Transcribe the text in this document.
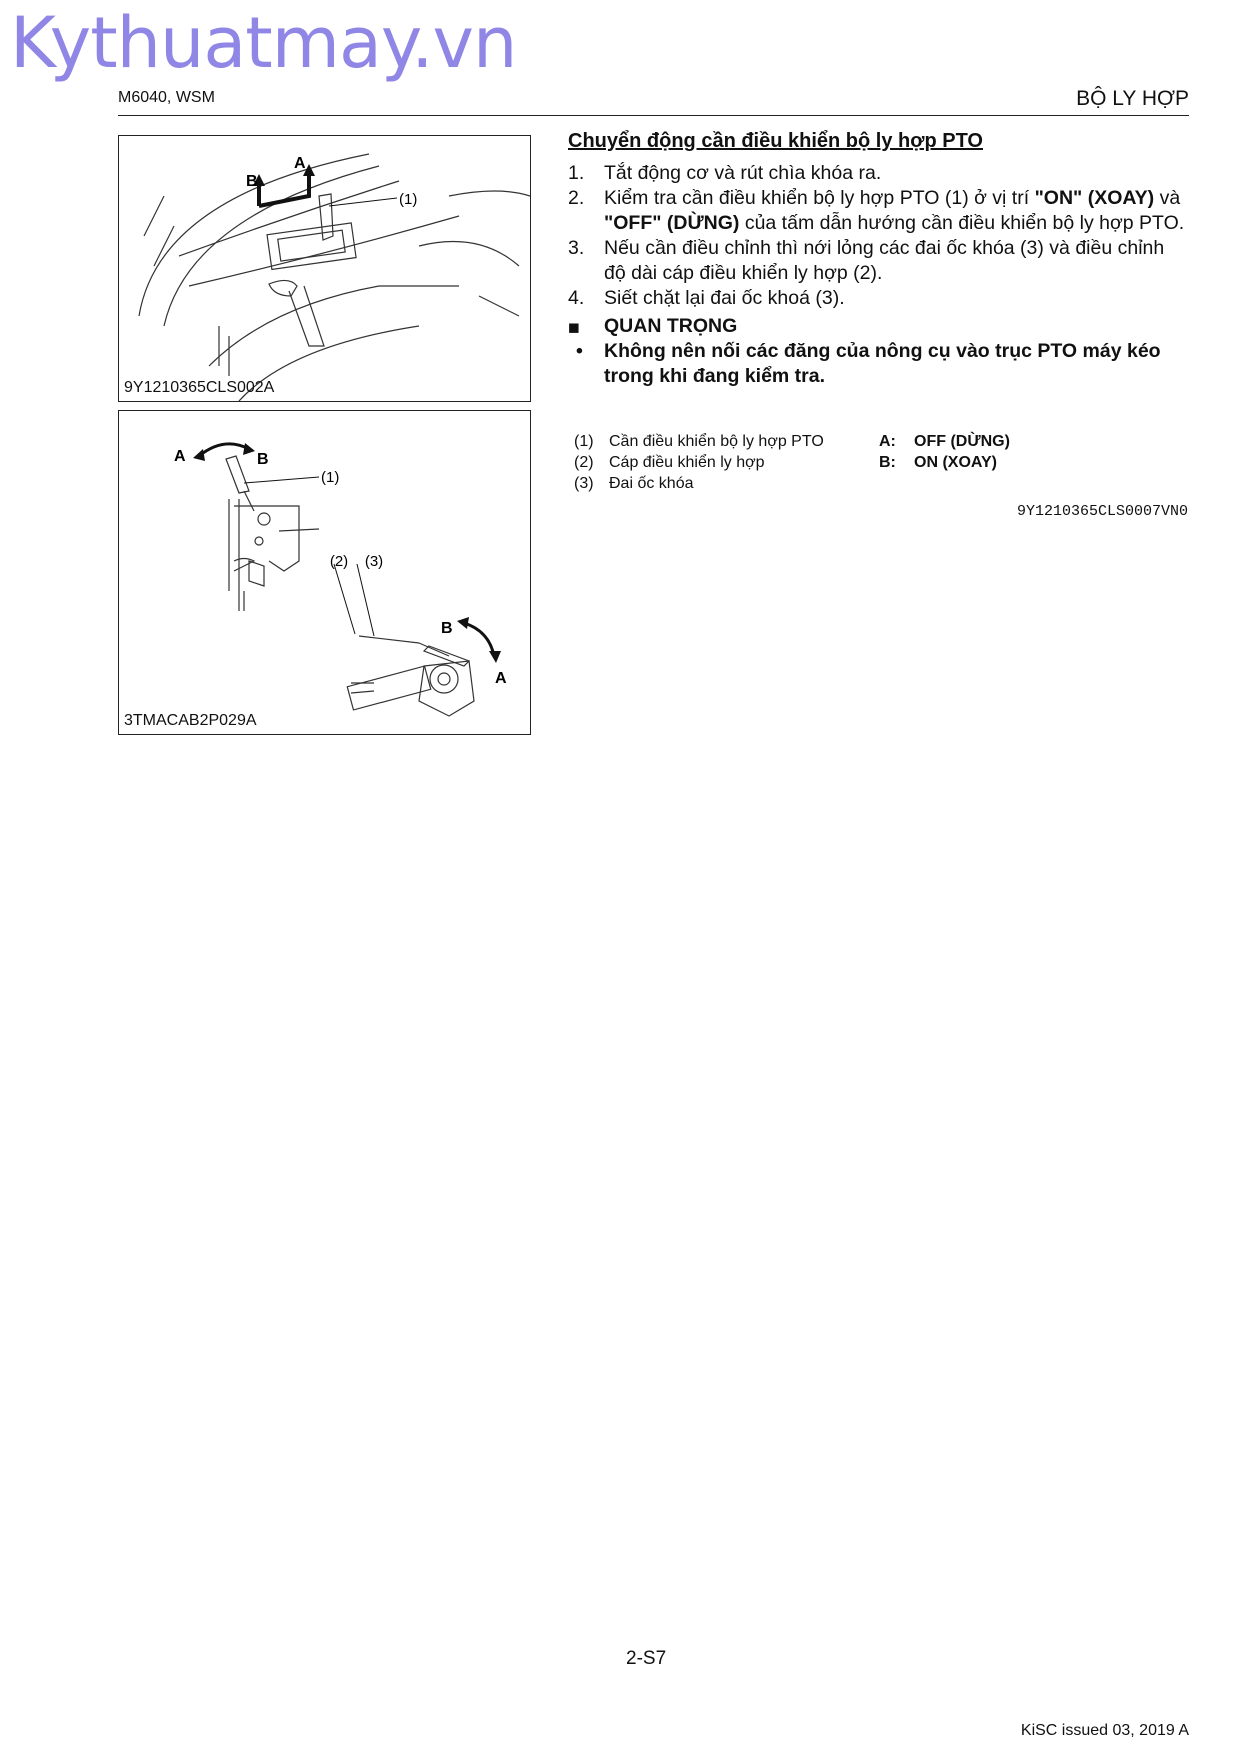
Kythuatmay.vn
M6040, WSM	BỘ LY HỢP
A
B
(1)
9Y1210365CLS002A
A	B
(1)
(2) (3)
B
A
3TMACAB2P029A
Chuyển động cần điều khiển bộ ly hợp PTO
1. Tắt động cơ và rút chìa khóa ra.
2. Kiểm tra cần điều khiển bộ ly hợp PTO (1) ở vị trí "ON" (XOAY) và "OFF" (DỪNG) của tấm dẫn hướng cần điều khiển bộ ly hợp PTO.
3. Nếu cần điều chỉnh thì nới lỏng các đai ốc khóa (3) và điều chỉnh độ dài cáp điều khiển ly hợp (2).
4. Siết chặt lại đai ốc khoá (3).
■ QUAN TRỌNG
• Không nên nối các đăng của nông cụ vào trục PTO máy kéo trong khi đang kiểm tra.
(1) Cần điều khiển bộ ly hợp PTO	A: OFF (DỪNG)
(2) Cáp điều khiển ly hợp	B: ON (XOAY)
(3) Đai ốc khóa
9Y1210365CLS0007VN0
2-S7
KiSC issued 03, 2019 A
